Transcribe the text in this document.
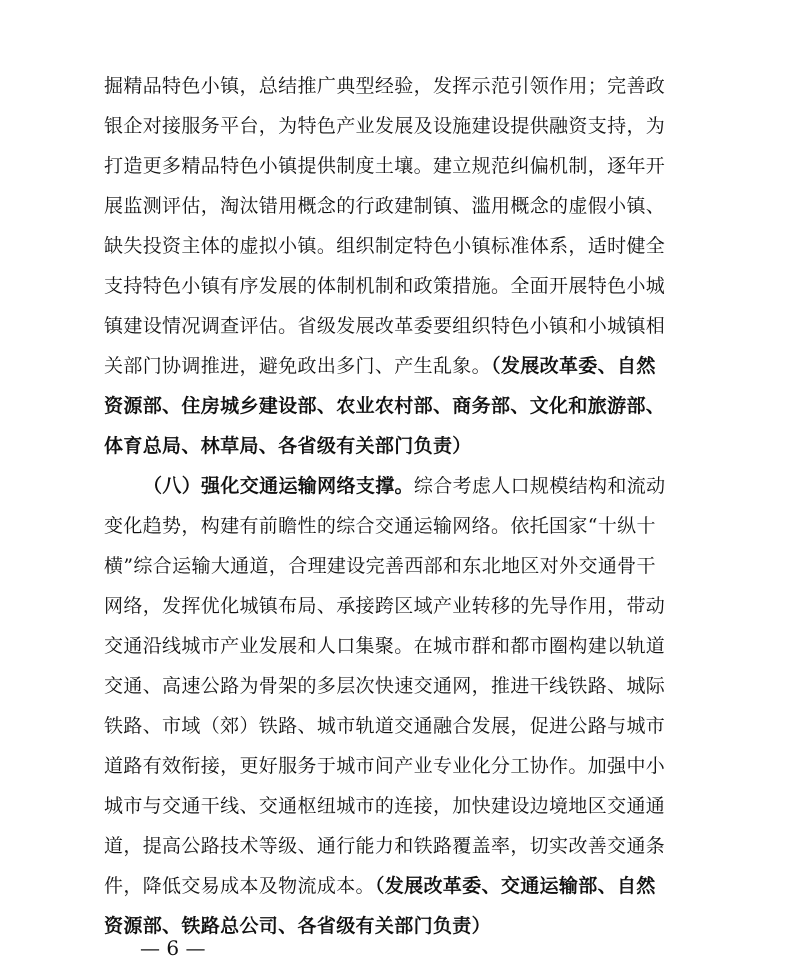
掘精品特色小镇，总结推广典型经验，发挥示范引领作用；完善政
银企对接服务平台，为特色产业发展及设施建设提供融资支持，为
打造更多精品特色小镇提供制度土壤。建立规范纠偏机制，逐年开
展监测评估，淘汰错用概念的行政建制镇、滥用概念的虚假小镇、
缺失投资主体的虚拟小镇。组织制定特色小镇标准体系，适时健全
支持特色小镇有序发展的体制机制和政策措施。全面开展特色小城
镇建设情况调查评估。省级发展改革委要组织特色小镇和小城镇相
关部门协调推进，避免政出多门、产生乱象。（发展改革委、自然
资源部、住房城乡建设部、农业农村部、商务部、文化和旅游部、
体育总局、林草局、各省级有关部门负责）
（八）强化交通运输网络支撑。综合考虑人口规模结构和流动
变化趋势，构建有前瞻性的综合交通运输网络。依托国家“十纵十
横”综合运输大通道，合理建设完善西部和东北地区对外交通骨干
网络，发挥优化城镇布局、承接跨区域产业转移的先导作用，带动
交通沿线城市产业发展和人口集聚。在城市群和都市圈构建以轨道
交通、高速公路为骨架的多层次快速交通网，推进干线铁路、城际
铁路、市域（郊）铁路、城市轨道交通融合发展，促进公路与城市
道路有效衔接，更好服务于城市间产业专业化分工协作。加强中小
城市与交通干线、交通枢纽城市的连接，加快建设边境地区交通通
道，提高公路技术等级、通行能力和铁路覆盖率，切实改善交通条
件，降低交易成本及物流成本。（发展改革委、交通运输部、自然
资源部、铁路总公司、各省级有关部门负责）
— 6 —
